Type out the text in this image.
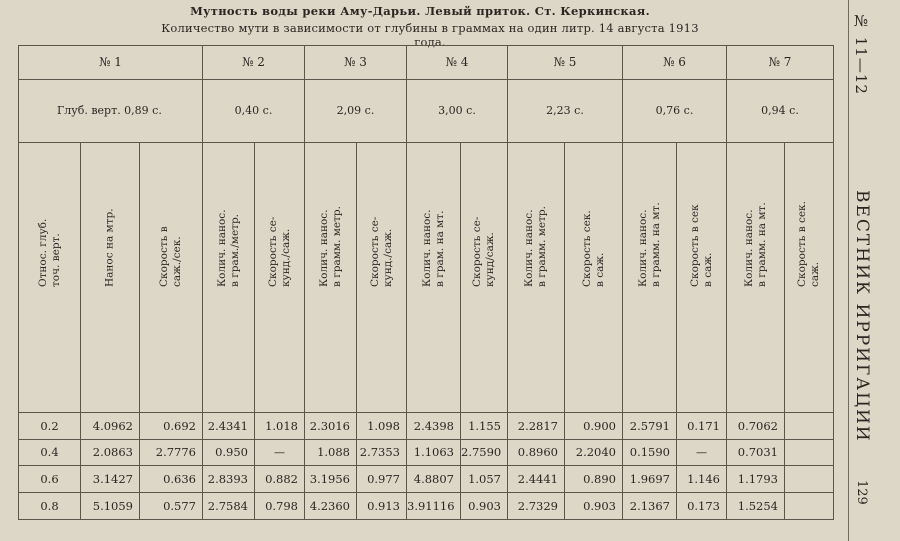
Мутность воды реки Аму-Дарьи. Левый приток. Ст. Керкинская.
Количество мути в зависимости от глубины в граммах на один литр. 14 августа 1913 года.
№ 1			№ 2		№ 3		№ 4		№ 5		№ 6		№ 7	
Глуб. верт. 0,89 с.			0,40 с.		2,09 с.		3,00 с.		2,23 с.		0,76 с.		0,94 с.	

Относ. глуб.
точ. верт.	Нанос на мтр.	Скорость в
саж./сек.	Колич. нанос.
в грам./метр.	Скорость се-
кунд./саж.	Колич. нанос.
в грамм. метр.	Скорость се-
кунд./саж.	Колич. нанос.
в грам. на мт.	Скорость се-
кунд/саж.	Колич. нанос.
в грамм. метр.	Скорость сек.
в саж.	Колич. нанос.
в грамм. на мт.	Скорость в сек
в саж.	Колич. нанос.
в грамм. на мт.	Скорость в сек.
саж.

0.2	4.0962	0.692	2.4341	1.018	2.3016	1.098	2.4398	1.155	2.2817	0.900	2.5791	0.171	0.7062	
0.4	2.0863	2.7776	0.950	—	1.088	2.7353	1.1063	2.7590	0.8960	2.2040	0.1590	—	0.7031	
0.6	3.1427	0.636	2.8393	0.882	3.1956	0.977	4.8807	1.057	2.4441	0.890	1.9697	1.146	1.1793	
0.8	5.1059	0.577	2.7584	0.798	4.2360	0.913	3.91116	0.903	2.7329	0.903	2.1367	0.173	1.5254	
№ 11—12
ВЕСТНИК ИРРИГАЦИИ
129
